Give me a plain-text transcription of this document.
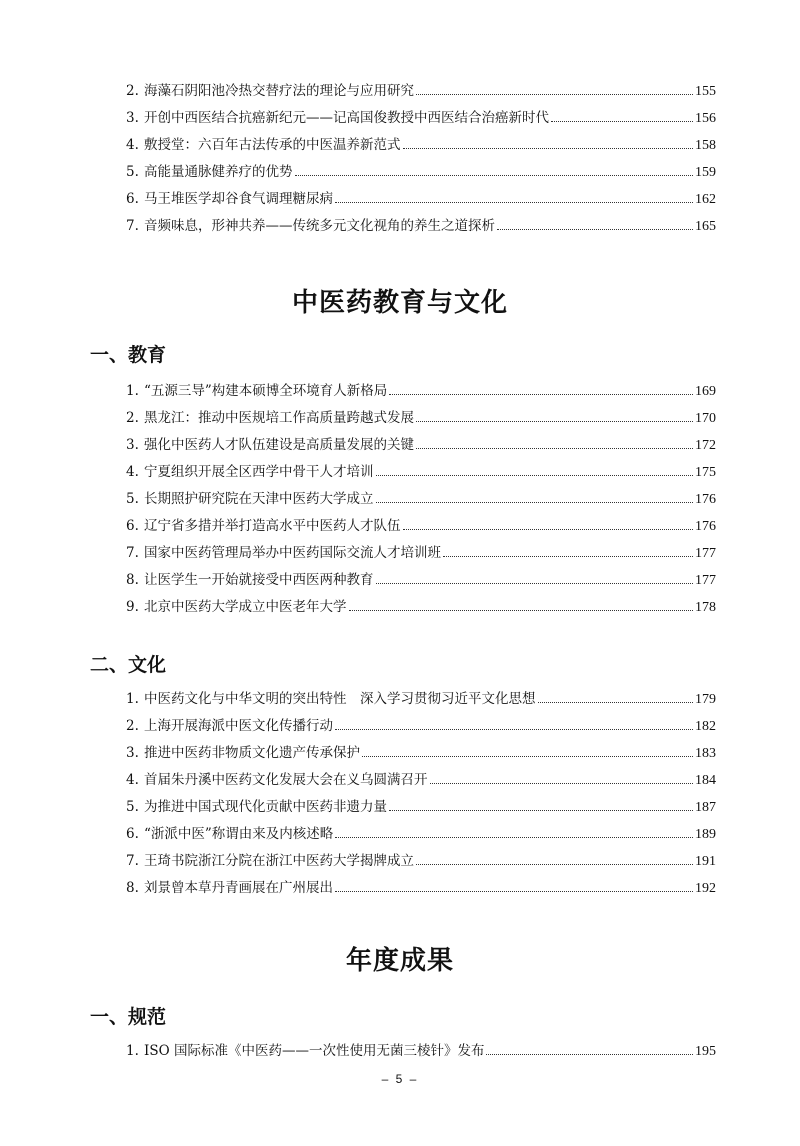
2. 海藻石阴阳池冷热交替疗法的理论与应用研究	155
3. 开创中西医结合抗癌新纪元——记高国俊教授中西医结合治癌新时代	156
4. 敷授堂：六百年古法传承的中医温养新范式	158
5. 高能量通脉健养疗的优势	159
6. 马王堆医学却谷食气调理糖尿病	162
7. 音频味息，形神共养——传统多元文化视角的养生之道探析	165
中医药教育与文化
一、教育
1. “五源三导”构建本硕博全环境育人新格局	169
2. 黑龙江：推动中医规培工作高质量跨越式发展	170
3. 强化中医药人才队伍建设是高质量发展的关键	172
4. 宁夏组织开展全区西学中骨干人才培训	175
5. 长期照护研究院在天津中医药大学成立	176
6. 辽宁省多措并举打造高水平中医药人才队伍	176
7. 国家中医药管理局举办中医药国际交流人才培训班	177
8. 让医学生一开始就接受中西医两种教育	177
9. 北京中医药大学成立中医老年大学	178
二、文化
1. 中医药文化与中华文明的突出特性　深入学习贯彻习近平文化思想	179
2. 上海开展海派中医文化传播行动	182
3. 推进中医药非物质文化遗产传承保护	183
4. 首届朱丹溪中医药文化发展大会在义乌圆满召开	184
5. 为推进中国式现代化贡献中医药非遗力量	187
6. “浙派中医”称谓由来及内核述略	189
7. 王琦书院浙江分院在浙江中医药大学揭牌成立	191
8. 刘景曾本草丹青画展在广州展出	192
年度成果
一、规范
1. ISO 国际标准《中医药——一次性使用无菌三棱针》发布	195
– 5 –
